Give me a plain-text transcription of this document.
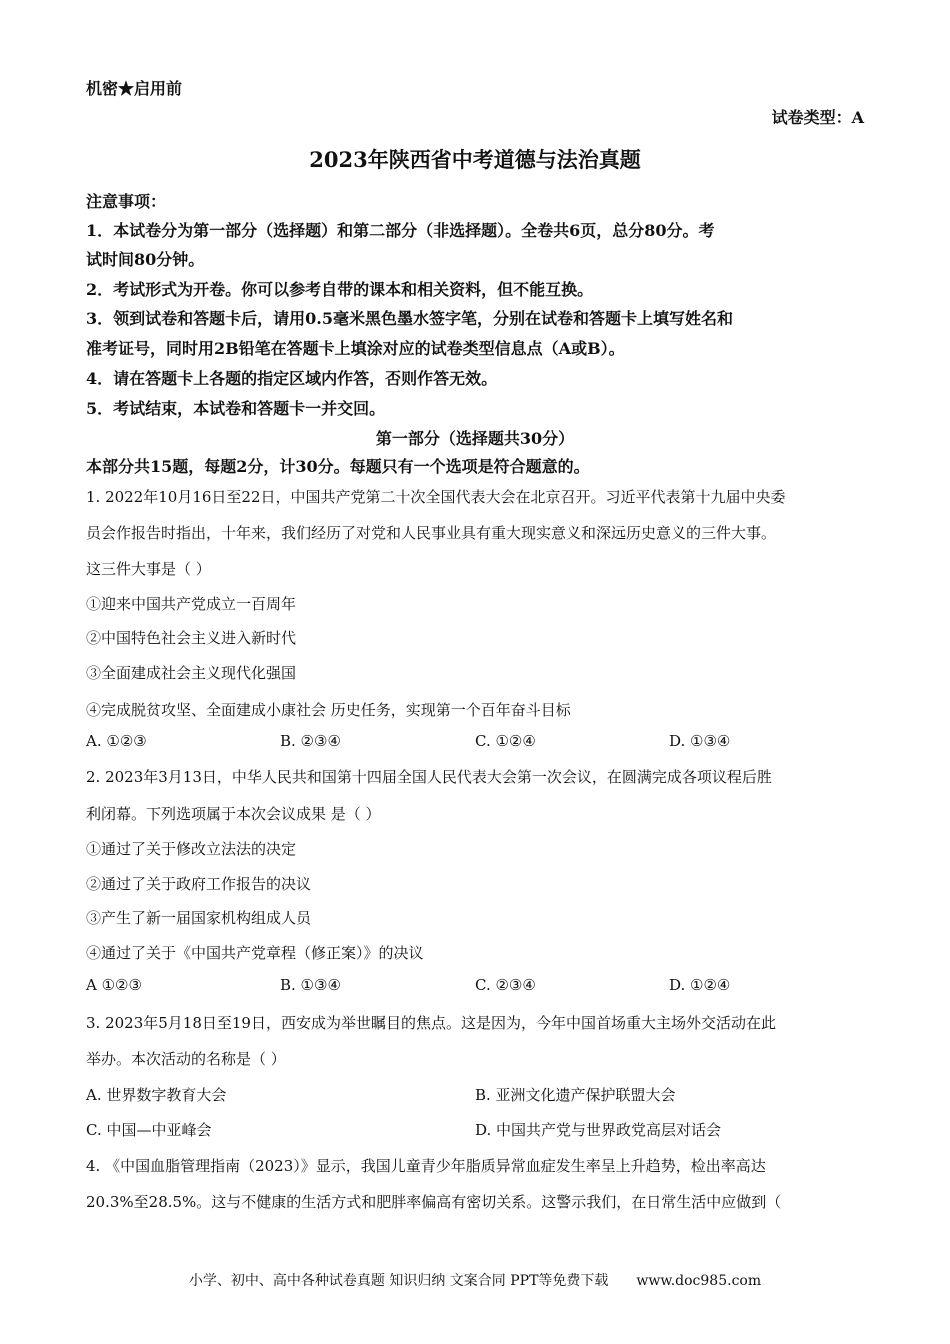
机密★启用前
试卷类型：A
2023年陕西省中考道德与法治真题
注意事项：
1．本试卷分为第一部分（选择题）和第二部分（非选择题）。全卷共6页，总分80分。考
试时间80分钟。
2．考试形式为开卷。你可以参考自带的课本和相关资料，但不能互换。
3．领到试卷和答题卡后，请用0.5毫米黑色墨水签字笔，分别在试卷和答题卡上填写姓名和
准考证号，同时用2B铅笔在答题卡上填涂对应的试卷类型信息点（A或B）。
4．请在答题卡上各题的指定区域内作答，否则作答无效。
5．考试结束，本试卷和答题卡一并交回。
第一部分（选择题共30分）
本部分共15题，每题2分，计30分。每题只有一个选项是符合题意的。
1. 2022年10月16日至22日，中国共产党第二十次全国代表大会在北京召开。习近平代表第十九届中央委
员会作报告时指出，十年来，我们经历了对党和人民事业具有重大现实意义和深远历史意义的三件大事。
这三件大事是（ ）
①迎来中国共产党成立一百周年
②中国特色社会主义进入新时代
③全面建成社会主义现代化强国
④完成脱贫攻坚、全面建成小康社会 历史任务，实现第一个百年奋斗目标
A. ①②③	B. ②③④	C. ①②④	D. ①③④
2. 2023年3月13日，中华人民共和国第十四届全国人民代表大会第一次会议，在圆满完成各项议程后胜
利闭幕。下列选项属于本次会议成果 是（ ）
①通过了关于修改立法法的决定
②通过了关于政府工作报告的决议
③产生了新一届国家机构组成人员
④通过了关于《中国共产党章程（修正案）》的决议
A ①②③	B. ①③④	C. ②③④	D. ①②④
3. 2023年5月18日至19日，西安成为举世瞩目的焦点。这是因为，今年中国首场重大主场外交活动在此
举办。本次活动的名称是（ ）
A. 世界数字教育大会	B. 亚洲文化遗产保护联盟大会
C. 中国—中亚峰会	D. 中国共产党与世界政党高层对话会
4. 《中国血脂管理指南（2023）》显示，我国儿童青少年脂质异常血症发生率呈上升趋势，检出率高达
20.3%至28.5%。这与不健康的生活方式和肥胖率偏高有密切关系。这警示我们，在日常生活中应做到（
小学、初中、高中各种试卷真题 知识归纳 文案合同 PPT等免费下载 www.doc985.com
